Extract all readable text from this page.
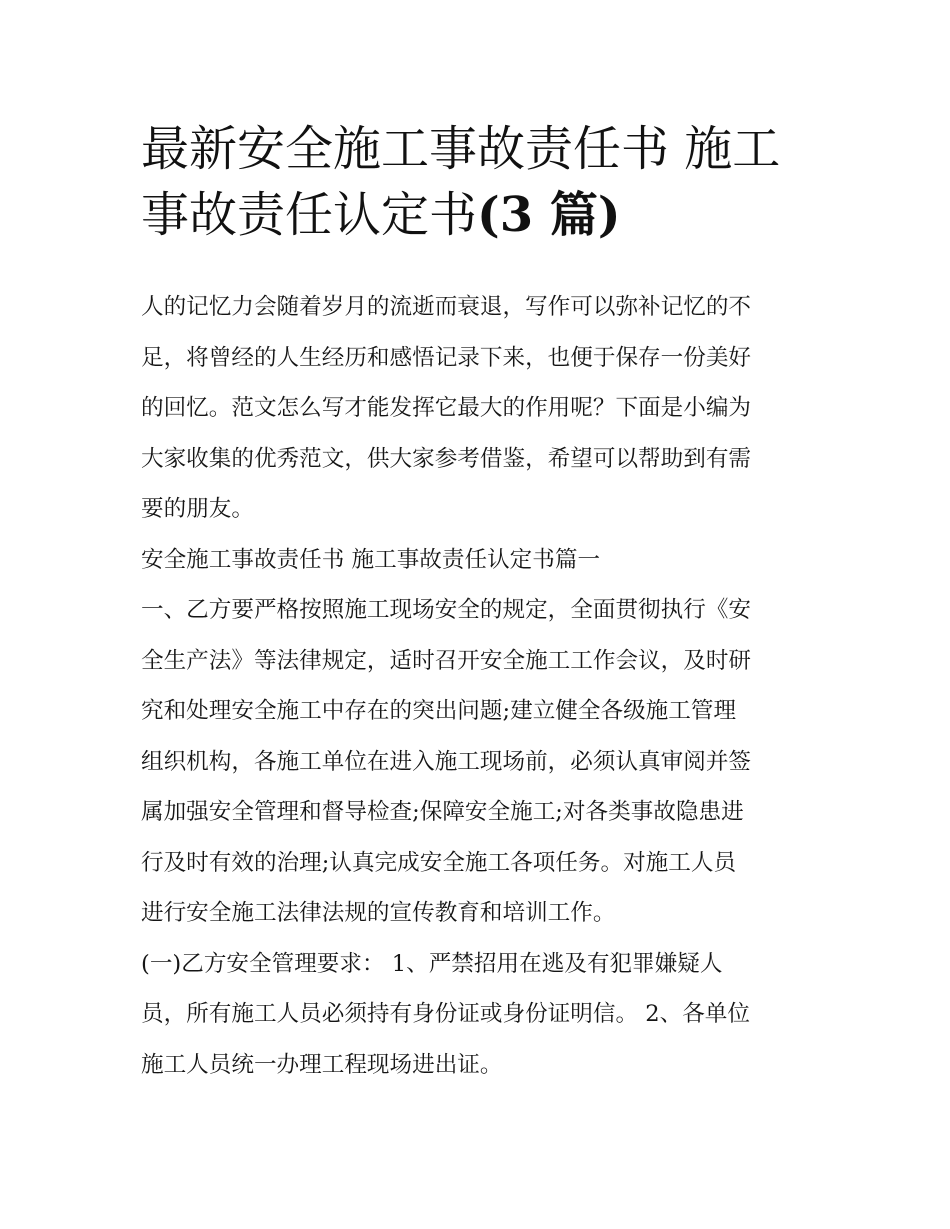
最新安全施工事故责任书 施工
事故责任认定书(3 篇)

人的记忆力会随着岁月的流逝而衰退，写作可以弥补记忆的不
足，将曾经的人生经历和感悟记录下来，也便于保存一份美好
的回忆。范文怎么写才能发挥它最大的作用呢？下面是小编为
大家收集的优秀范文，供大家参考借鉴，希望可以帮助到有需
要的朋友。

安全施工事故责任书 施工事故责任认定书篇一

一、乙方要严格按照施工现场安全的规定，全面贯彻执行《安
全生产法》等法律规定，适时召开安全施工工作会议，及时研
究和处理安全施工中存在的突出问题;建立健全各级施工管理
组织机构，各施工单位在进入施工现场前，必须认真审阅并签
属加强安全管理和督导检查;保障安全施工;对各类事故隐患进
行及时有效的治理;认真完成安全施工各项任务。对施工人员
进行安全施工法律法规的宣传教育和培训工作。

(一)乙方安全管理要求： 1、严禁招用在逃及有犯罪嫌疑人
员，所有施工人员必须持有身份证或身份证明信。 2、各单位
施工人员统一办理工程现场进出证。
